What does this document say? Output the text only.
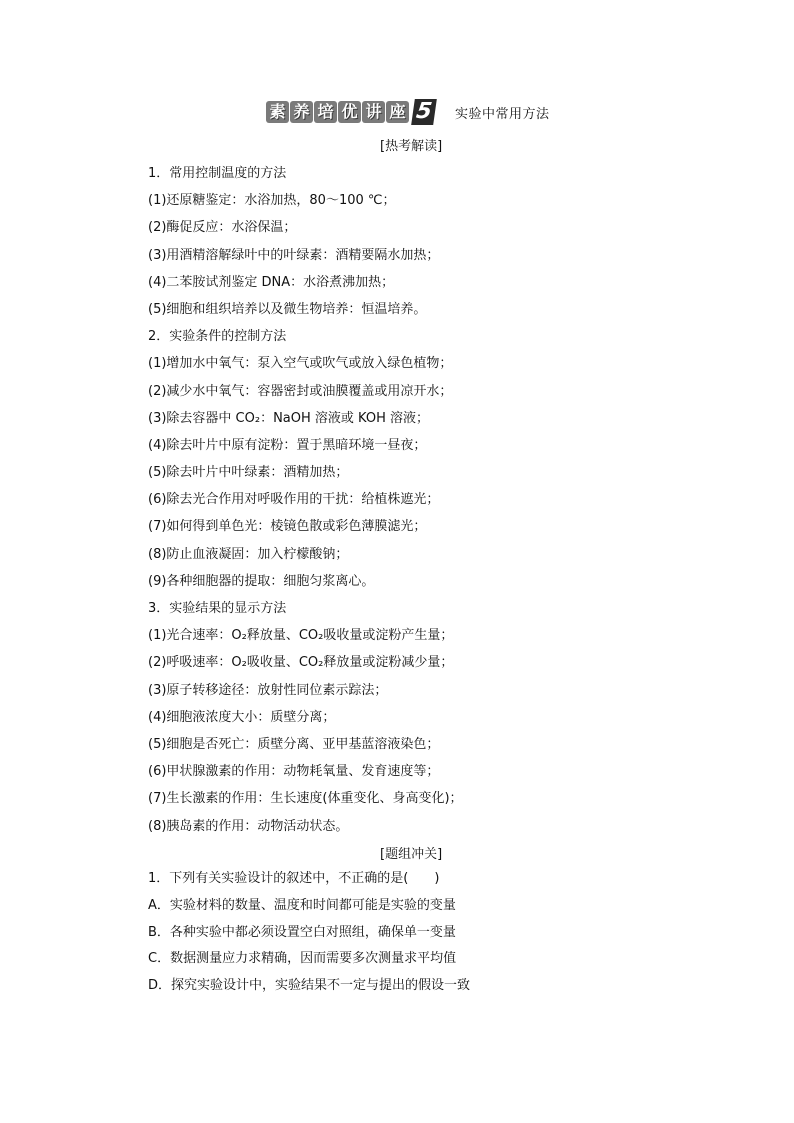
素 养 培 优 讲 座 5 实验中常用方法
[热考解读]
1．常用控制温度的方法
(1)还原糖鉴定：水浴加热，80～100 ℃；
(2)酶促反应：水浴保温；
(3)用酒精溶解绿叶中的叶绿素：酒精要隔水加热；
(4)二苯胺试剂鉴定 DNA：水浴煮沸加热；
(5)细胞和组织培养以及微生物培养：恒温培养。
2．实验条件的控制方法
(1)增加水中氧气：泵入空气或吹气或放入绿色植物；
(2)减少水中氧气：容器密封或油膜覆盖或用凉开水；
(3)除去容器中 CO₂：NaOH 溶液或 KOH 溶液；
(4)除去叶片中原有淀粉：置于黑暗环境一昼夜；
(5)除去叶片中叶绿素：酒精加热；
(6)除去光合作用对呼吸作用的干扰：给植株遮光；
(7)如何得到单色光：棱镜色散或彩色薄膜滤光；
(8)防止血液凝固：加入柠檬酸钠；
(9)各种细胞器的提取：细胞匀浆离心。
3．实验结果的显示方法
(1)光合速率：O₂释放量、CO₂吸收量或淀粉产生量；
(2)呼吸速率：O₂吸收量、CO₂释放量或淀粉减少量；
(3)原子转移途径：放射性同位素示踪法；
(4)细胞液浓度大小：质壁分离；
(5)细胞是否死亡：质壁分离、亚甲基蓝溶液染色；
(6)甲状腺激素的作用：动物耗氧量、发育速度等；
(7)生长激素的作用：生长速度(体重变化、身高变化)；
(8)胰岛素的作用：动物活动状态。
[题组冲关]
1．下列有关实验设计的叙述中，不正确的是(　　)
A．实验材料的数量、温度和时间都可能是实验的变量
B．各种实验中都必须设置空白对照组，确保单一变量
C．数据测量应力求精确，因而需要多次测量求平均值
D．探究实验设计中，实验结果不一定与提出的假设一致
